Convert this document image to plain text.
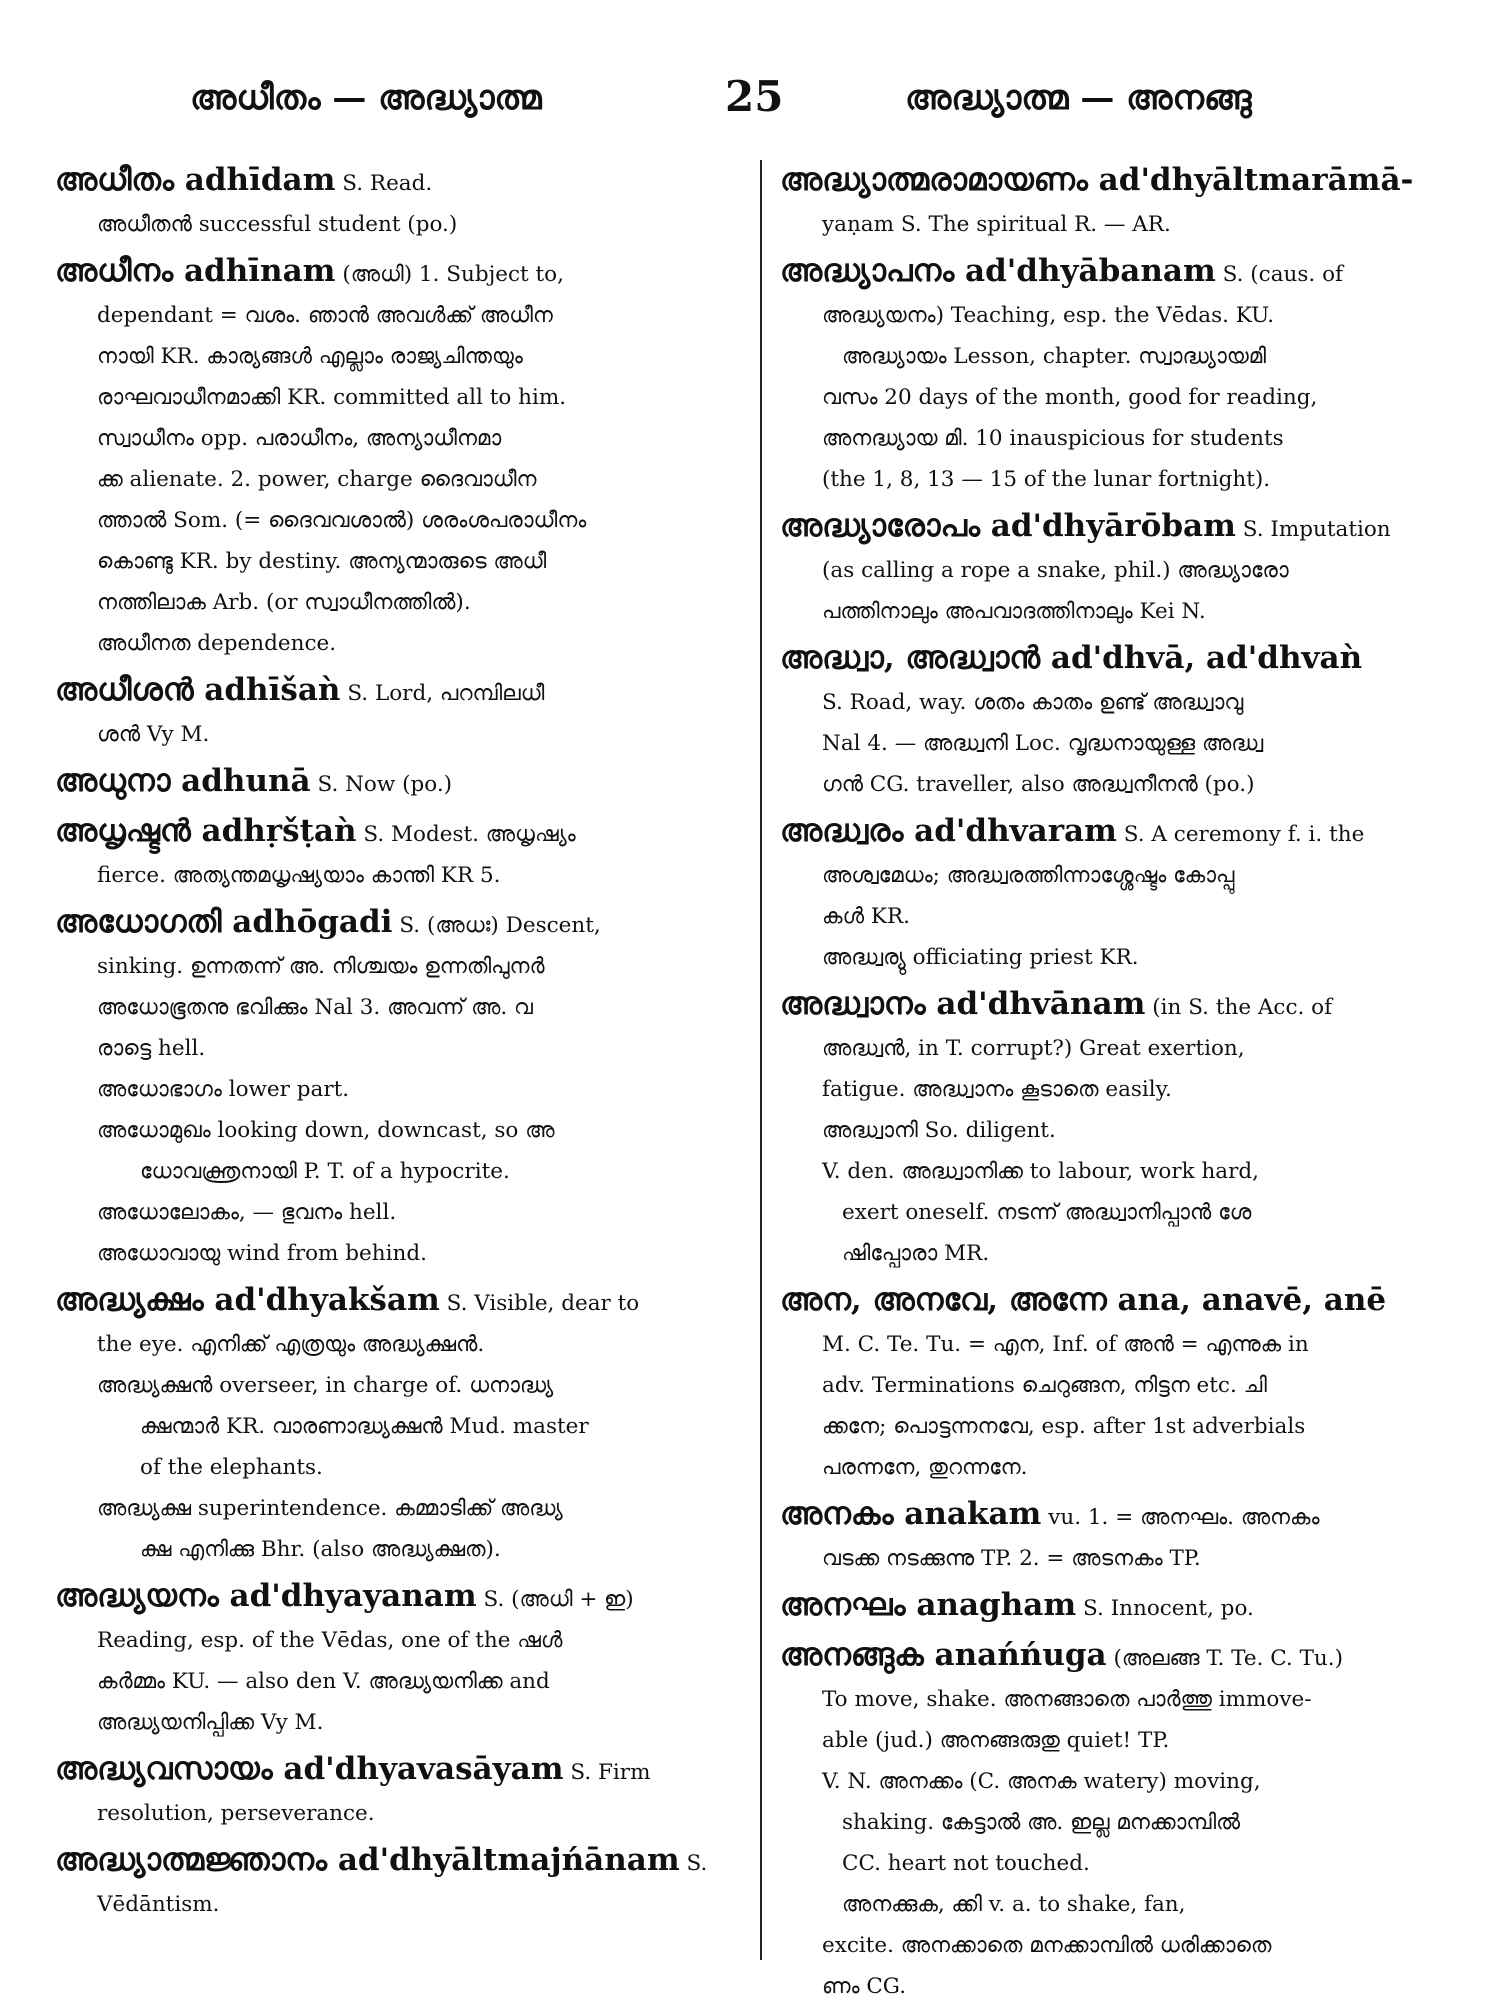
അധീതം — അദ്ധ്യാത്മ	25	അദ്ധ്യാത്മ — അനങ്ങു
അധീതം adhīdam S. Read.
അധീതൻ successful student (po.)
അധീനം adhīnam (അധി) 1. Subject to,
dependant = വശം. ഞാൻ അവൾക്ക് അധീന
നായി KR. കാര്യങ്ങൾ എല്ലാം രാജ്യചിന്തയും
രാഘവാധീനമാക്കി KR. committed all to him.
സ്വാധീനം opp. പരാധീനം, അന്യാധീനമാ
ക്ക alienate. 2. power, charge ദൈവാധീന
ത്താൽ Som. (= ദൈവവശാൽ) ശരംശപരാധീനം
കൊണ്ടു KR. by destiny. അന്യന്മാരുടെ അധീ
നത്തിലാക Arb. (or സ്വാധീനത്തിൽ).
അധീനത dependence.
അധീശൻ adhīšaǹ S. Lord, പറമ്പിലധീ
ശൻ Vy M.
അധുനാ adhunā S. Now (po.)
അധൃഷ്ടൻ adhṛšṭaǹ S. Modest. അധൃഷ്യം
fierce. അത്യന്തമധൃഷ്യയാം കാന്തി KR 5.
അധോഗതി adhōgadi S. (അധഃ) Descent,
sinking. ഉന്നതന്ന് അ. നിശ്ചയം ഉന്നതിപുനർ
അധോഭൂതനു ഭവിക്കും Nal 3. അവന്ന് അ. വ
രാട്ടെ hell.
അധോഭാഗം lower part.
അധോമുഖം looking down, downcast, so അ
ധോവക്ത്രനായി P. T. of a hypocrite.
അധോലോകം, — ഭുവനം hell.
അധോവായു wind from behind.
അദ്ധ്യക്ഷം ad'dhyakšam S. Visible, dear to
the eye. എനിക്ക് എത്രയും അദ്ധ്യക്ഷൻ.
അദ്ധ്യക്ഷൻ overseer, in charge of. ധനാദ്ധ്യ
ക്ഷന്മാർ KR. വാരണാദ്ധ്യക്ഷൻ Mud. master
of the elephants.
അദ്ധ്യക്ഷ superintendence. കമ്മാടിക്ക് അദ്ധ്യ
ക്ഷ എനിക്കു Bhr. (also അദ്ധ്യക്ഷത).
അദ്ധ്യയനം ad'dhyayanam S. (അധി + ഇ)
Reading, esp. of the Vēdas, one of the ഷൾ
കർമ്മം KU. — also den V. അദ്ധ്യയനിക്ക and
അദ്ധ്യയനിപ്പിക്ക Vy M.
അദ്ധ്യവസായം ad'dhyavasāyam S. Firm
resolution, perseverance.
അദ്ധ്യാത്മജ്ഞാനം ad'dhyāltmajńānam S.
Vēdāntism.
അദ്ധ്യാത്മരാമായണം ad'dhyāltmarāmā-
yaṇam S. The spiritual R. — AR.
അദ്ധ്യാപനം ad'dhyābanam S. (caus. of
അദ്ധ്യയനം) Teaching, esp. the Vēdas. KU.
അദ്ധ്യായം Lesson, chapter. സ്വാദ്ധ്യായമി
വസം 20 days of the month, good for reading,
അനദ്ധ്യായ മി. 10 inauspicious for students
(the 1, 8, 13 — 15 of the lunar fortnight).
അദ്ധ്യാരോപം ad'dhyārōbam S. Imputation
(as calling a rope a snake, phil.) അദ്ധ്യാരോ
പത്തിനാലും അപവാദത്തിനാലും Kei N.
അദ്ധ്വാ, അദ്ധ്വാൻ ad'dhvā, ad'dhvaǹ
S. Road, way. ശതം കാതം ഉണ്ട് അദ്ധ്വാവു
Nal 4. — അദ്ധ്വനി Loc. വൃദ്ധനായുള്ള അദ്ധ്വ
ഗൻ CG. traveller, also അദ്ധ്വനീനൻ (po.)
അദ്ധ്വരം ad'dhvaram S. A ceremony f. i. the
അശ്വമേധം; അദ്ധ്വരത്തിന്നാശ്ശേഷ്ടം കോപ്പു
കൾ KR.
അദ്ധ്വര്യു officiating priest KR.
അദ്ധ്വാനം ad'dhvānam (in S. the Acc. of
അദ്ധ്വൻ, in T. corrupt?) Great exertion,
fatigue. അദ്ധ്വാനം കൂടാതെ easily.
അദ്ധ്വാനി So. diligent.
V. den. അദ്ധ്വാനിക്ക to labour, work hard,
exert oneself. നടന്ന് അദ്ധ്വാനിപ്പാൻ ശേ
ഷിപ്പോരാ MR.
അന, അനവേ, അന്നേ ana, anavē, anē
M. C. Te. Tu. = എന, Inf. of അൻ = എന്നുക in
adv. Terminations ചെറുങ്ങന, നിട്ടന etc. ചി
ക്കനേ; പൊട്ടന്നനവേ, esp. after 1st adverbials
പരന്നനേ, തുറന്നനേ.
അനകം anakam vu. 1. = അനഘം. അനകം
വടക്ക നടക്കുന്നു TP. 2. = അടനകം TP.
അനഘം anagham S. Innocent, po.
അനങ്ങുക anańńuga (അലങ്ങ T. Te. C. Tu.)
To move, shake. അനങ്ങാതെ പാർത്തു immove-
able (jud.) അനങ്ങരുതു quiet! TP.
V. N. അനക്കം (C. അനക watery) moving,
shaking. കേട്ടാൽ അ. ഇല്ല മനക്കാമ്പിൽ
CC. heart not touched.
അനക്കുക, ക്കി v. a. to shake, fan,
excite. അനക്കാതെ മനക്കാമ്പിൽ ധരിക്കാതെ
ണം CG.
